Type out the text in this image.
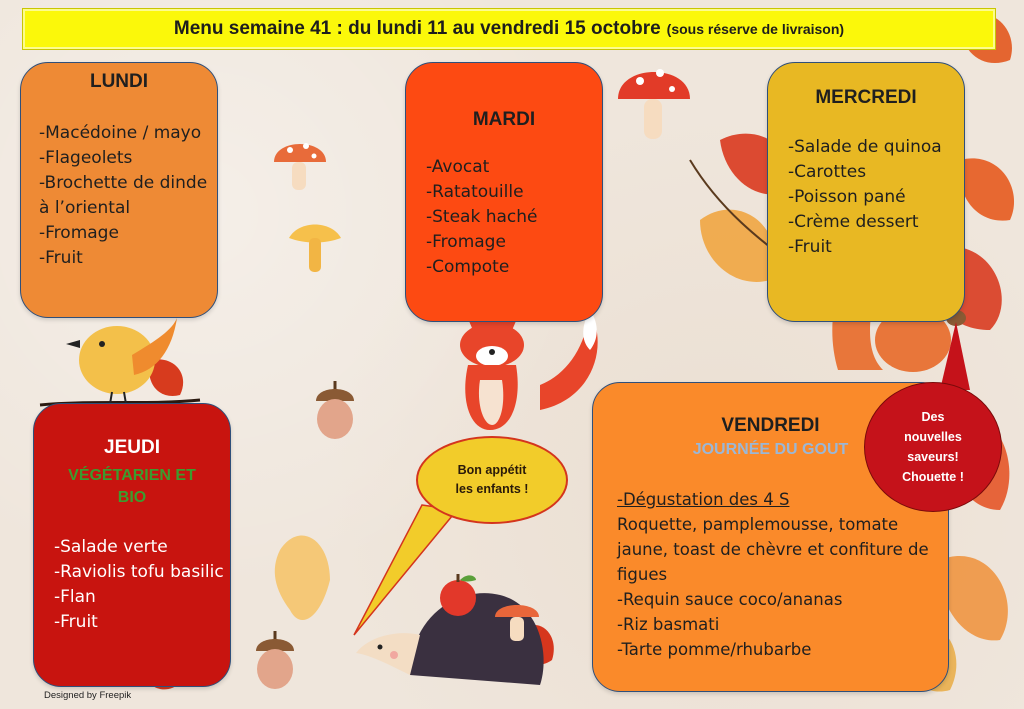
Menu semaine 41 : du lundi 11 au vendredi 15 octobre (sous réserve de livraison)
LUNDI
-Macédoine / mayo
-Flageolets
-Brochette de dinde à l’oriental
-Fromage
-Fruit
MARDI
-Avocat
-Ratatouille
-Steak haché
-Fromage
-Compote
MERCREDI
-Salade de quinoa
-Carottes
-Poisson pané
-Crème dessert
-Fruit
JEUDI
VÉGÉTARIEN ET
BIO
-Salade verte
-Raviolis tofu basilic
-Flan
-Fruit
VENDREDI
JOURNÉE DU GOUT

-Dégustation des 4 S

Roquette, pamplemousse, tomate jaune, toast de chèvre et confiture de figues

-Requin sauce coco/ananas

-Riz basmati

-Tarte pomme/rhubarbe

Bon appétit
les enfants !
Des
nouvelles
saveurs!
Chouette !
Designed by Freepik
